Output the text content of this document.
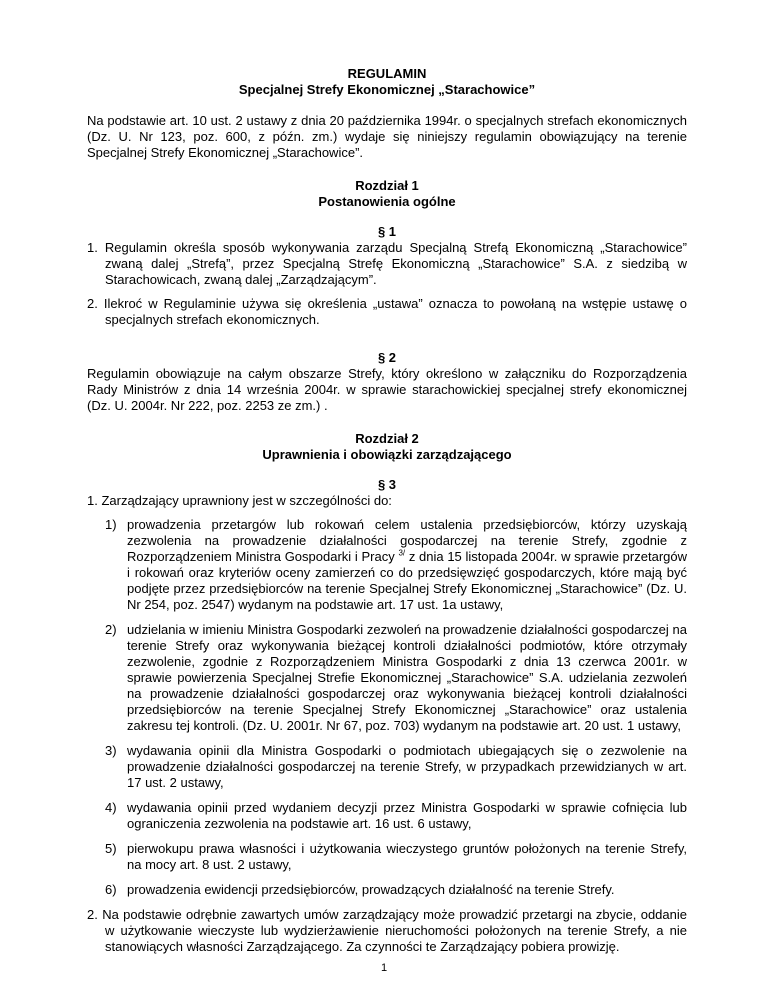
REGULAMIN

Specjalnej Strefy Ekonomicznej „Starachowice”

Na podstawie art. 10 ust. 2 ustawy z dnia 20 października 1994r. o specjalnych strefach ekonomicznych (Dz. U. Nr 123, poz. 600, z późn. zm.) wydaje się niniejszy regulamin obowiązujący na terenie Specjalnej Strefy Ekonomicznej „Starachowice”.

Rozdział 1

Postanowienia ogólne

§ 1

1. Regulamin określa sposób wykonywania zarządu Specjalną Strefą Ekonomiczną „Starachowice” zwaną dalej „Strefą”, przez Specjalną Strefę Ekonomiczną „Starachowice” S.A. z siedzibą w Starachowicach, zwaną dalej „Zarządzającym”.

2. Ilekroć w Regulaminie używa się określenia „ustawa” oznacza to powołaną na wstępie ustawę o specjalnych strefach ekonomicznych.

§ 2

Regulamin obowiązuje na całym obszarze Strefy, który określono w załączniku do Rozporządzenia Rady Ministrów z dnia 14 września 2004r. w sprawie starachowickiej specjalnej strefy ekonomicznej (Dz. U. 2004r. Nr 222, poz. 2253 ze zm.) .

Rozdział 2

Uprawnienia i obowiązki zarządzającego

§ 3

1. Zarządzający uprawniony jest w szczególności do:

1) prowadzenia przetargów lub rokowań celem ustalenia przedsiębiorców, którzy uzyskają zezwolenia na prowadzenie działalności gospodarczej na terenie Strefy, zgodnie z Rozporządzeniem Ministra Gospodarki i Pracy $^{3/}$ z dnia 15 listopada 2004r. w sprawie przetargów i rokowań oraz kryteriów oceny zamierzeń co do przedsięwzięć gospodarczych, które mają być podjęte przez przedsiębiorców na terenie Specjalnej Strefy Ekonomicznej „Starachowice” (Dz. U. Nr 254, poz. 2547) wydanym na podstawie art. 17 ust. 1a ustawy,
2) udzielania w imieniu Ministra Gospodarki zezwoleń na prowadzenie działalności gospodarczej na terenie Strefy oraz wykonywania bieżącej kontroli działalności podmiotów, które otrzymały zezwolenie, zgodnie z Rozporządzeniem Ministra Gospodarki z dnia 13 czerwca 2001r. w sprawie powierzenia Specjalnej Strefie Ekonomicznej „Starachowice” S.A. udzielania zezwoleń na prowadzenie działalności gospodarczej oraz wykonywania bieżącej kontroli działalności przedsiębiorców na terenie Specjalnej Strefy Ekonomicznej „Starachowice” oraz ustalenia zakresu tej kontroli. (Dz. U. 2001r. Nr 67, poz. 703) wydanym na podstawie art. 20 ust. 1 ustawy,
3) wydawania opinii dla Ministra Gospodarki o podmiotach ubiegających się o zezwolenie na prowadzenie działalności gospodarczej na terenie Strefy, w przypadkach przewidzianych w art. 17 ust. 2 ustawy,
4) wydawania opinii przed wydaniem decyzji przez Ministra Gospodarki w sprawie cofnięcia lub ograniczenia zezwolenia na podstawie art. 16 ust. 6 ustawy,
5) pierwokupu prawa własności i użytkowania wieczystego gruntów położonych na terenie Strefy, na mocy art. 8 ust. 2 ustawy,
6) prowadzenia ewidencji przedsiębiorców, prowadzących działalność na terenie Strefy.

2. Na podstawie odrębnie zawartych umów zarządzający może prowadzić przetargi na zbycie, oddanie w użytkowanie wieczyste lub wydzierżawienie nieruchomości położonych na terenie Strefy, a nie stanowiących własności Zarządzającego. Za czynności te Zarządzający pobiera prowizję.

1
